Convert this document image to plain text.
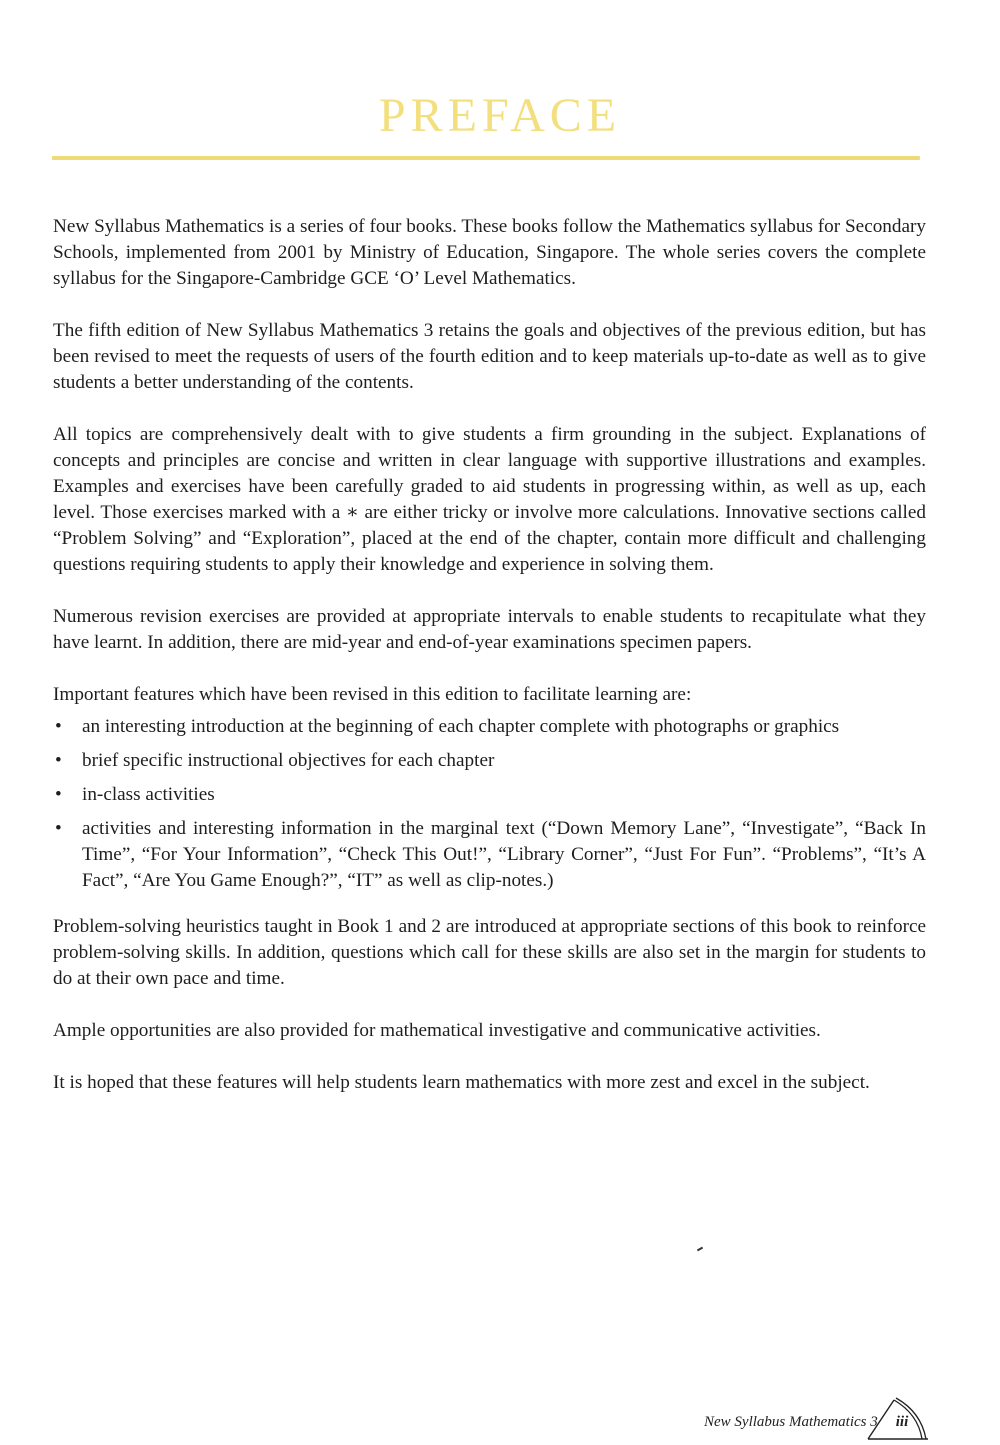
PREFACE

New Syllabus Mathematics is a series of four books. These books follow the Mathematics syllabus for Secondary Schools, implemented from 2001 by Ministry of Education, Singapore. The whole series covers the complete syllabus for the Singapore-Cambridge GCE ‘O’ Level Mathematics.

The fifth edition of New Syllabus Mathematics 3 retains the goals and objectives of the previous edition, but has been revised to meet the requests of users of the fourth edition and to keep materials up-to-date as well as to give students a better understanding of the contents.

All topics are comprehensively dealt with to give students a firm grounding in the subject. Explanations of concepts and principles are concise and written in clear language with supportive illustrations and examples. Examples and exercises have been carefully graded to aid students in progressing within, as well as up, each level. Those exercises marked with a ∗ are either tricky or involve more calculations. Innovative sections called “Problem Solving” and “Exploration”, placed at the end of the chapter, contain more difficult and challenging questions requiring students to apply their knowledge and experience in solving them.

Numerous revision exercises are provided at appropriate intervals to enable students to recapitulate what they have learnt. In addition, there are mid-year and end-of-year examinations specimen papers.

Important features which have been revised in this edition to facilitate learning are:

• an interesting introduction at the beginning of each chapter complete with photographs or graphics
• brief specific instructional objectives for each chapter
• in-class activities
• activities and interesting information in the marginal text (“Down Memory Lane”, “Investigate”, “Back In Time”, “For Your Information”, “Check This Out!”, “Library Corner”, “Just For Fun”. “Problems”, “It’s A Fact”, “Are You Game Enough?”, “IT” as well as clip-notes.)

Problem-solving heuristics taught in Book 1 and 2 are introduced at appropriate sections of this book to reinforce problem-solving skills. In addition, questions which call for these skills are also set in the margin for students to do at their own pace and time.

Ample opportunities are also provided for mathematical investigative and communicative activities.

It is hoped that these features will help students learn mathematics with more zest and excel in the subject.

New Syllabus Mathematics 3	iii
